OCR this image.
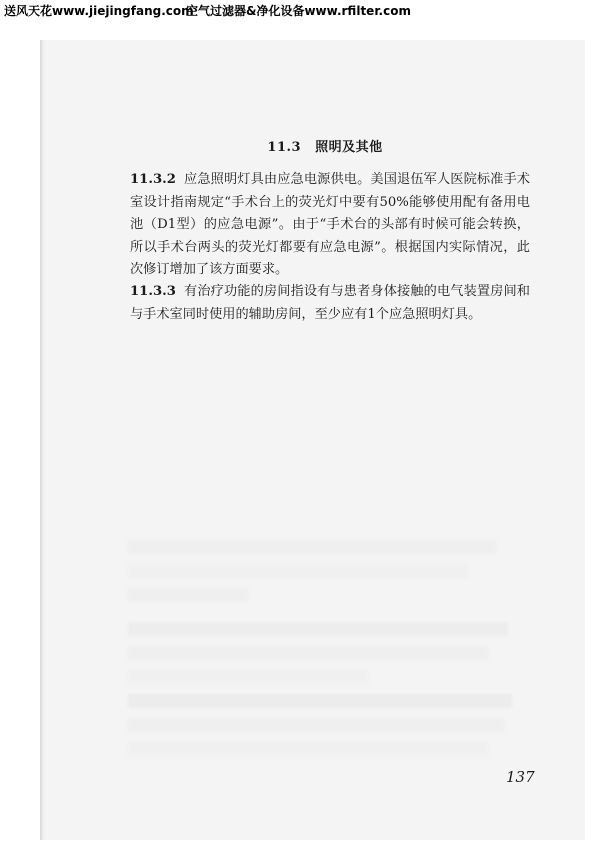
送风天花www.jiejingfang.com
空气过滤器&净化设备www.rfilter.com
11.3 照明及其他
11.3.2 应急照明灯具由应急电源供电。美国退伍军人医院标准手术室设计指南规定“手术台上的荧光灯中要有50%能够使用配有备用电池（D1型）的应急电源”。由于“手术台的头部有时候可能会转换，所以手术台两头的荧光灯都要有应急电源”。根据国内实际情况，此次修订增加了该方面要求。
11.3.3 有治疗功能的房间指设有与患者身体接触的电气装置房间和与手术室同时使用的辅助房间，至少应有1个应急照明灯具。
137
